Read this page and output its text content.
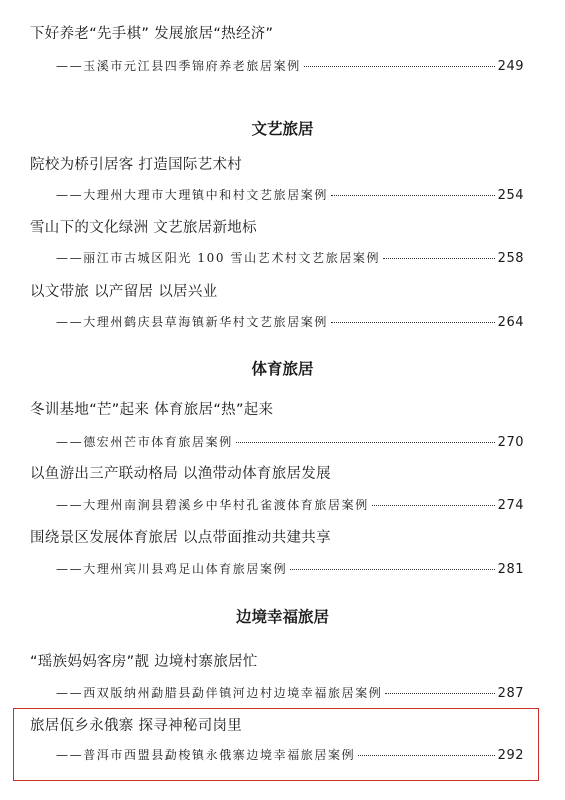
下好养老“先手棋” 发展旅居“热经济”
——玉溪市元江县四季锦府养老旅居案例	249
文艺旅居
院校为桥引居客 打造国际艺术村
——大理州大理市大理镇中和村文艺旅居案例	254
雪山下的文化绿洲 文艺旅居新地标
——丽江市古城区阳光 100 雪山艺术村文艺旅居案例	258
以文带旅 以产留居 以居兴业
——大理州鹤庆县草海镇新华村文艺旅居案例	264
体育旅居
冬训基地“芒”起来 体育旅居“热”起来
——德宏州芒市体育旅居案例	270
以鱼游出三产联动格局 以渔带动体育旅居发展
——大理州南涧县碧溪乡中华村孔雀渡体育旅居案例	274
围绕景区发展体育旅居 以点带面推动共建共享
——大理州宾川县鸡足山体育旅居案例	281
边境幸福旅居
“瑶族妈妈客房”靓 边境村寨旅居忙
——西双版纳州勐腊县勐伴镇河边村边境幸福旅居案例	287
旅居佤乡永俄寨 探寻神秘司岗里
——普洱市西盟县勐梭镇永俄寨边境幸福旅居案例	292
